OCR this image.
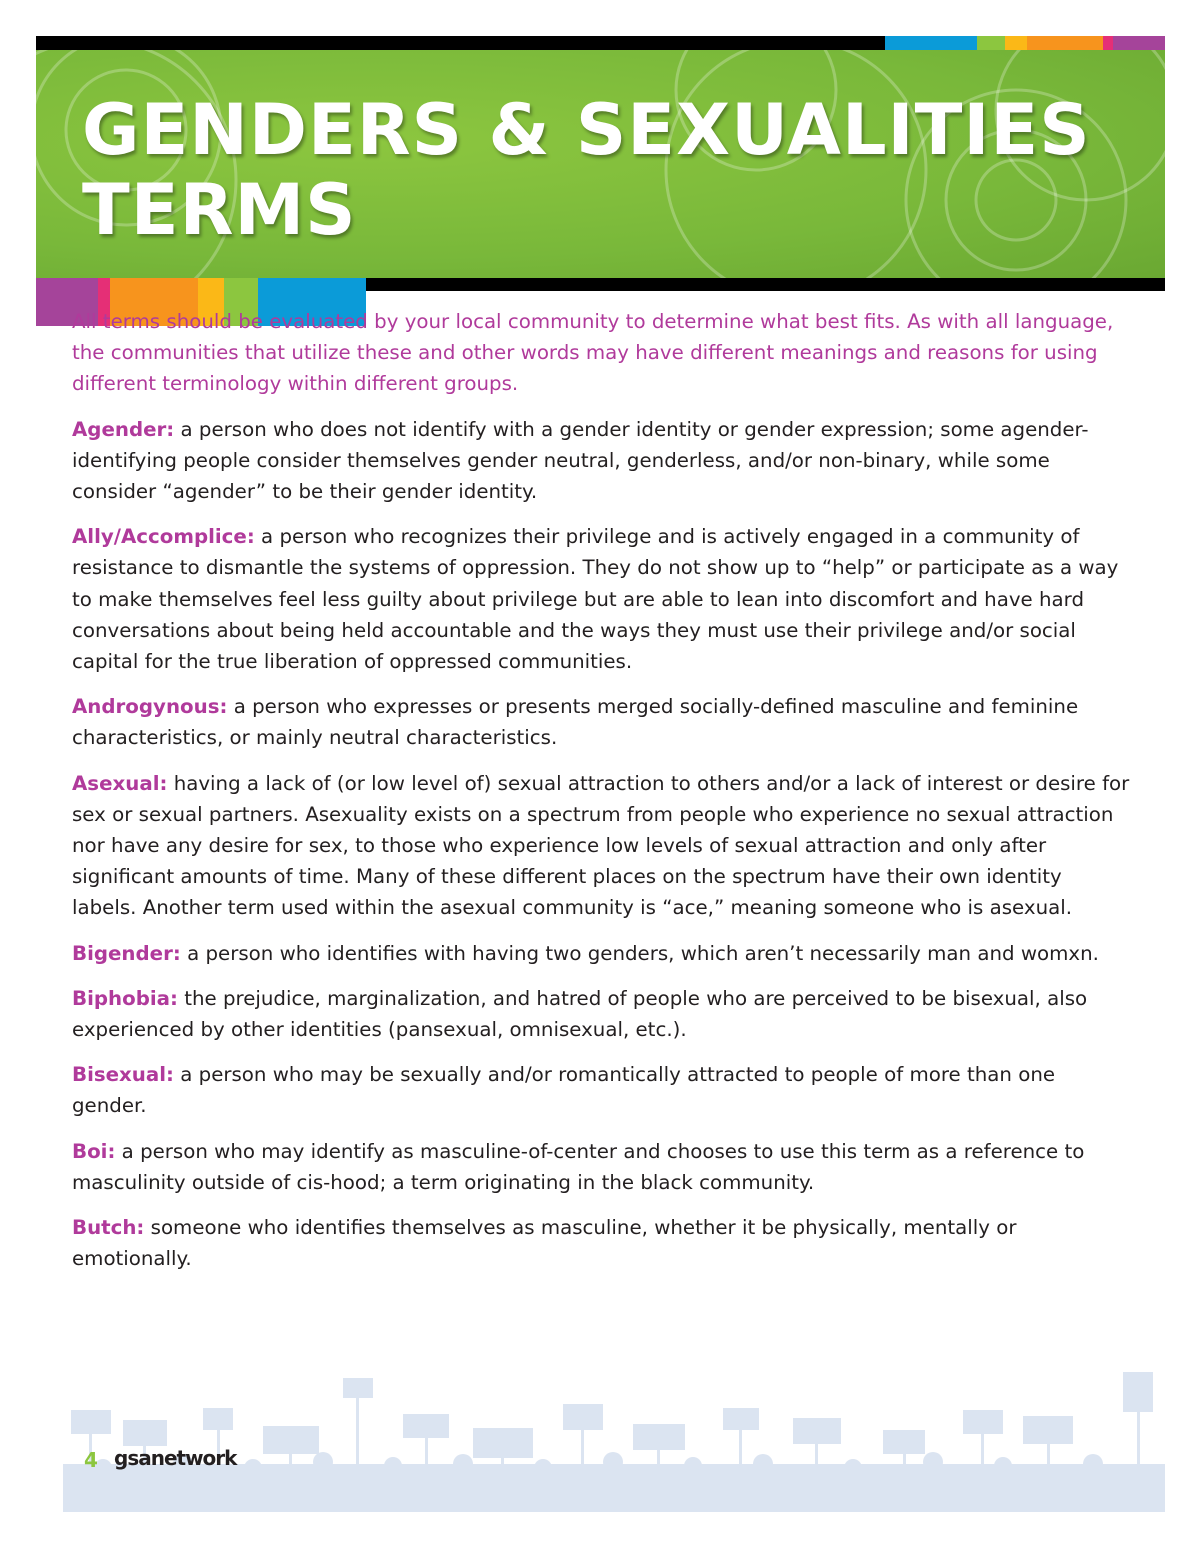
GENDERS & SEXUALITIES
TERMS

All terms should be evaluated by your local community to determine what best fits. As with all language, the communities that utilize these and other words may have different meanings and reasons for using different terminology within different groups.

Agender: a person who does not identify with a gender identity or gender expression; some agender-identifying people consider themselves gender neutral, genderless, and/or non-binary, while some consider “agender” to be their gender identity.

Ally/Accomplice: a person who recognizes their privilege and is actively engaged in a community of resistance to dismantle the systems of oppression. They do not show up to “help” or participate as a way to make themselves feel less guilty about privilege but are able to lean into discomfort and have hard conversations about being held accountable and the ways they must use their privilege and/or social capital for the true liberation of oppressed communities.

Androgynous: a person who expresses or presents merged socially-defined masculine and feminine characteristics, or mainly neutral characteristics.

Asexual: having a lack of (or low level of) sexual attraction to others and/or a lack of interest or desire for sex or sexual partners. Asexuality exists on a spectrum from people who experience no sexual attraction nor have any desire for sex, to those who experience low levels of sexual attraction and only after significant amounts of time. Many of these different places on the spectrum have their own identity labels. Another term used within the asexual community is “ace,” meaning someone who is asexual.

Bigender: a person who identifies with having two genders, which aren’t necessarily man and womxn.

Biphobia: the prejudice, marginalization, and hatred of people who are perceived to be bisexual, also experienced by other identities (pansexual, omnisexual, etc.).

Bisexual: a person who may be sexually and/or romantically attracted to people of more than one gender.

Boi: a person who may identify as masculine-of-center and chooses to use this term as a reference to masculinity outside of cis-hood; a term originating in the black community.

Butch: someone who identifies themselves as masculine, whether it be physically, mentally or emotionally.

4 gsanetwork
